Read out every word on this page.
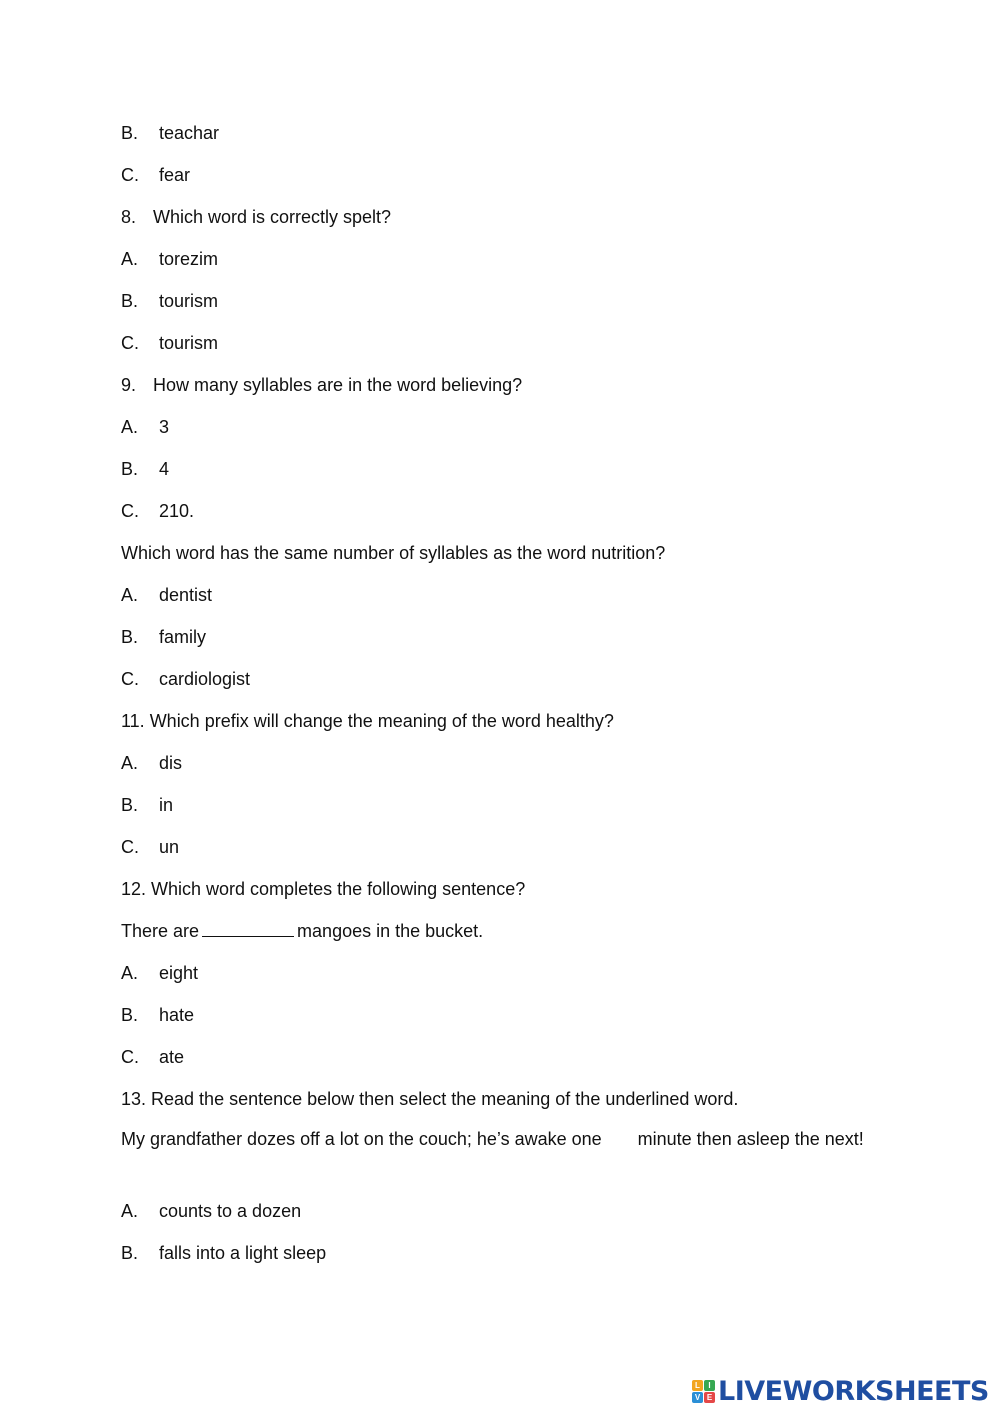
B. teachar
C. fear
8. Which word is correctly spelt?
A. torezim
B. tourism
C. tourism
9. How many syllables are in the word believing?
A. 3
B. 4
C. 210.
Which word has the same number of syllables as the word nutrition?
A. dentist
B. family
C. cardiologist
11. Which prefix will change the meaning of the word healthy?
A. dis
B. in
C. un
12. Which word completes the following sentence?
There are	mangoes in the bucket.
A. eight
B. hate
C. ate
13. Read the sentence below then select the meaning of the underlined word.
My grandfather dozes off a lot on the couch; he’s awake one minute then asleep the next!
A. counts to a dozen
B. falls into a light sleep
L	I
V E LIVEWORKSHEETS
